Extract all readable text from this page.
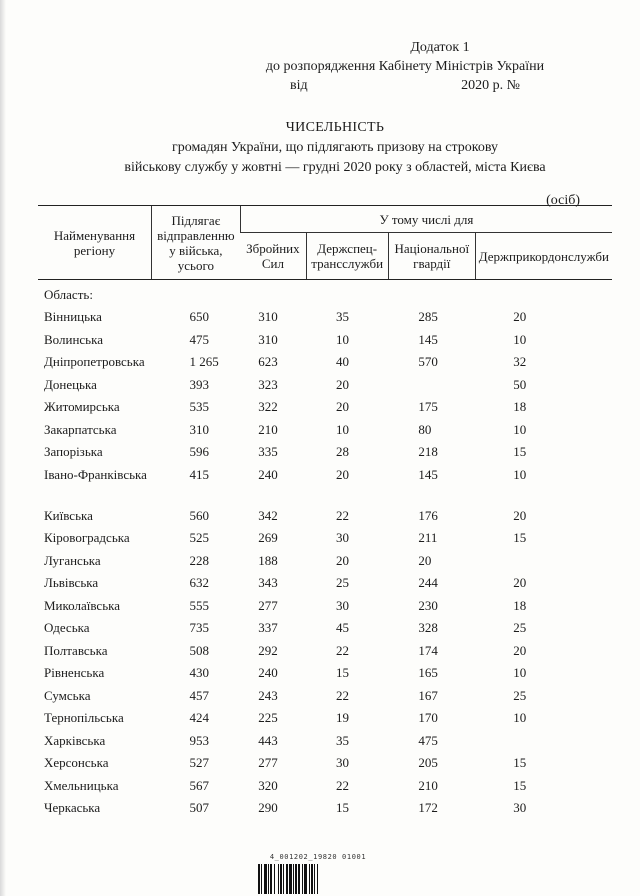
Додаток 1
до розпорядження Кабінету Міністрів України
від	2020 р. №
ЧИСЕЛЬНІСТЬ
громадян України, що підлягають призову на строкову
військову службу у жовтні — грудні 2020 року з областей, міста Києва
(осіб)
Найменування регіону	Підлягає відправленню у війська, усього	У тому числі для			
		Збройних Сил	Держспец-трансслужби	Національної гвардії	Держприкордонслужби
Область:					
Вінницька	650	310	35	285	20
Волинська	475	310	10	145	10
Дніпропетровська	1 265	623	40	570	32
Донецька	393	323	20		50
Житомирська	535	322	20	175	18
Закарпатська	310	210	10	80	10
Запорізька	596	335	28	218	15
Івано-Франківська	415	240	20	145	10
Київська	560	342	22	176	20
Кіровоградська	525	269	30	211	15
Луганська	228	188	20	20	
Львівська	632	343	25	244	20
Миколаївська	555	277	30	230	18
Одеська	735	337	45	328	25
Полтавська	508	292	22	174	20
Рівненська	430	240	15	165	10
Сумська	457	243	22	167	25
Тернопільська	424	225	19	170	10
Харківська	953	443	35	475	
Херсонська	527	277	30	205	15
Хмельницька	567	320	22	210	15
Черкаська	507	290	15	172	30
4_001202_19820 01001
